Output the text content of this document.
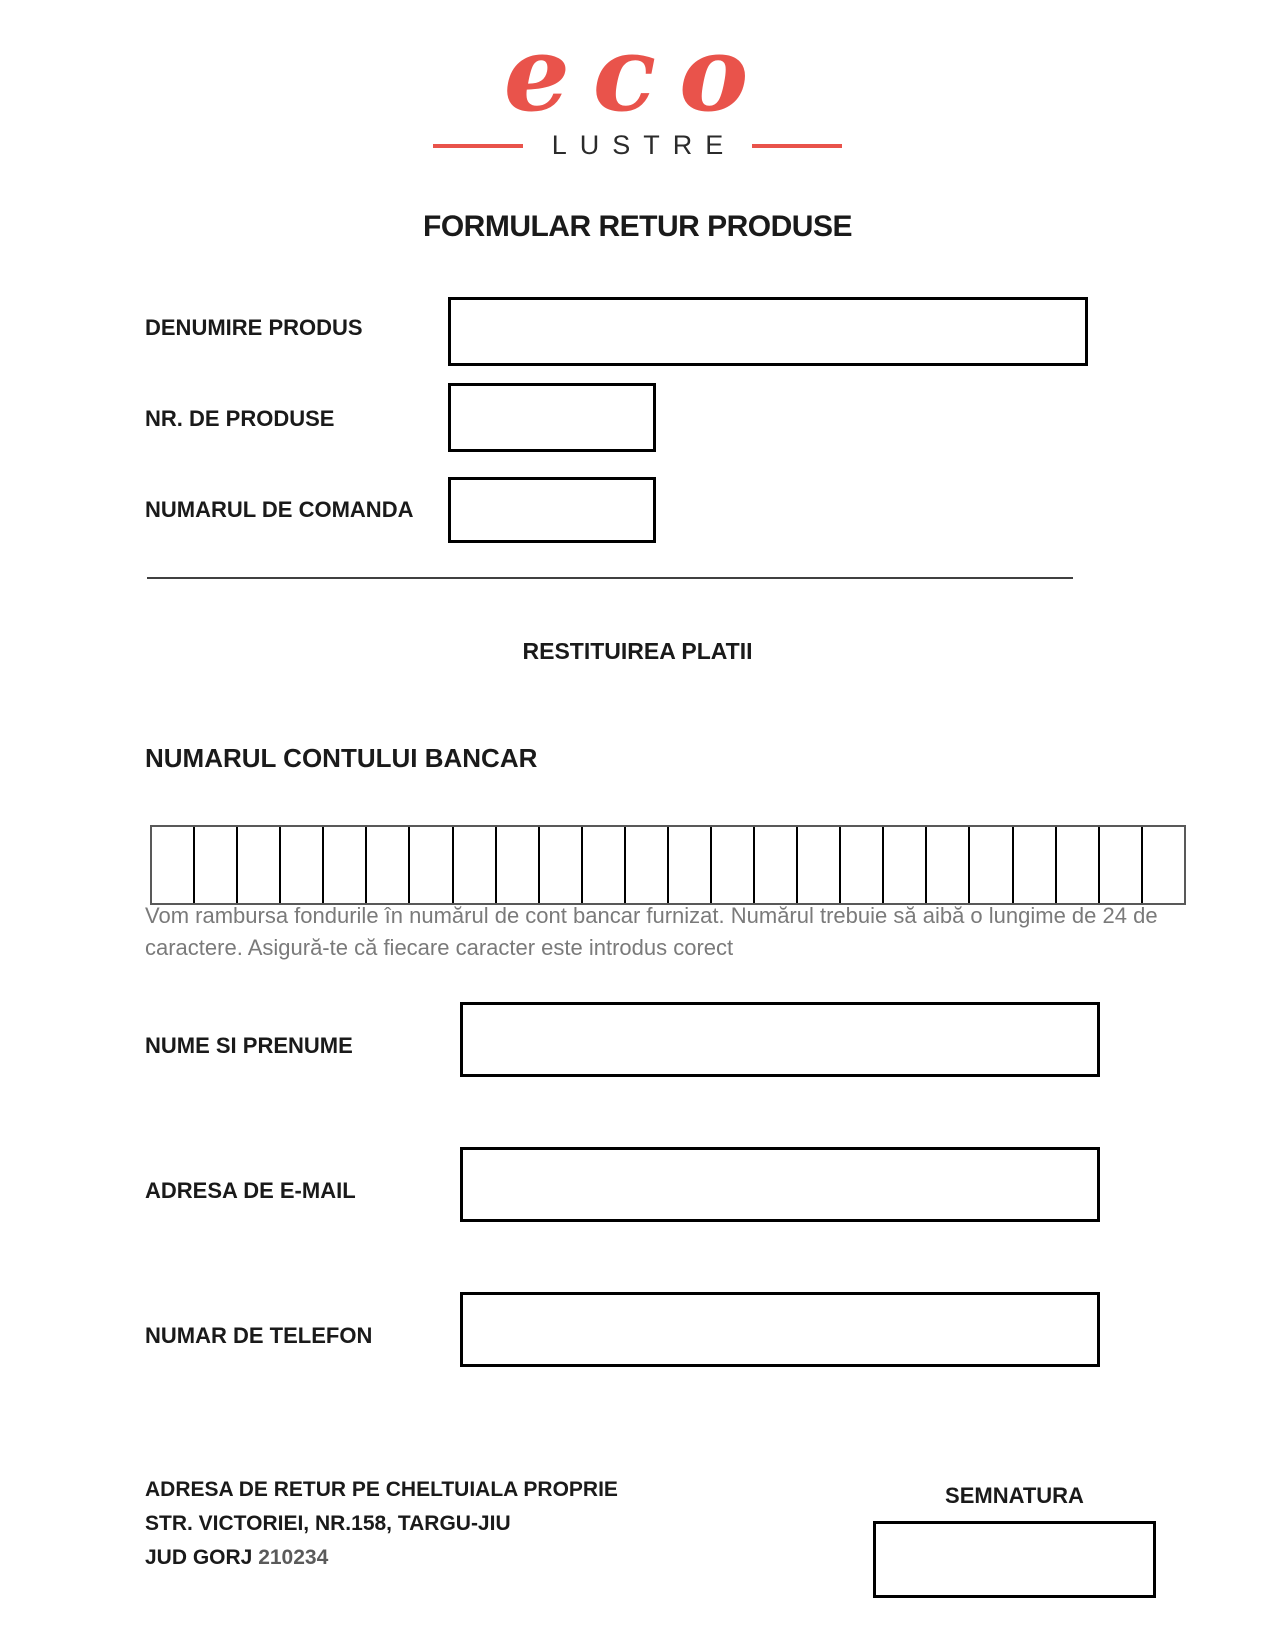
eco
LUSTRE
FORMULAR RETUR PRODUSE
DENUMIRE PRODUS
NR. DE PRODUSE
NUMARUL DE COMANDA
RESTITUIREA PLATII
NUMARUL CONTULUI BANCAR
Vom rambursa fondurile în numărul de cont bancar furnizat. Numărul trebuie să aibă o lungime de 24 de
caractere. Asigură-te că fiecare caracter este introdus corect
NUME SI PRENUME
ADRESA DE E-MAIL
NUMAR DE TELEFON
ADRESA DE RETUR PE CHELTUIALA PROPRIE
STR. VICTORIEI, NR.158, TARGU-JIU
JUD GORJ 210234
SEMNATURA
